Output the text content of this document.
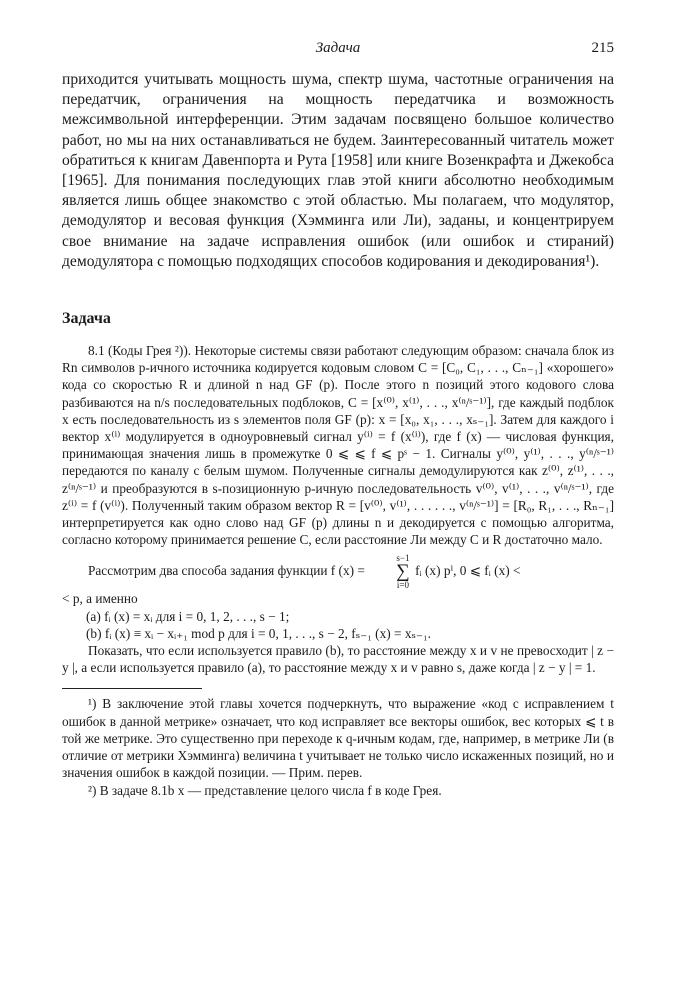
Задача	215

приходится учитывать мощность шума, спектр шума, частотные ограничения на передатчик, ограничения на мощность передатчика и возможность межсимвольной интерференции. Этим задачам посвящено большое количество работ, но мы на них останавливаться не будем. Заинтересованный читатель может обратиться к книгам Давенпорта и Рута [1958] или книге Возенкрафта и Джекобса [1965]. Для понимания последующих глав этой книги абсолютно необходимым является лишь общее знакомство с этой областью. Мы полагаем, что модулятор, демодулятор и весовая функция (Хэмминга или Ли), заданы, и концентрируем свое внимание на задаче исправления ошибок (или ошибок и стираний) демодулятора с помощью подходящих способов кодирования и декодирования¹).

Задача

8.1 (Коды Грея ²)). Некоторые системы связи работают следующим образом: сначала блок из Rn символов p-ичного источника кодируется кодовым словом C = [C₀, C₁, . . ., Cₙ₋₁] «хорошего» кода со скоростью R и длиной n над GF (p). После этого n позиций этого кодового слова разбиваются на n/s последовательных подблоков, C = [x⁽⁰⁾, x⁽¹⁾, . . ., x⁽ⁿ/ˢ⁻¹⁾], где каждый подблок x есть последовательность из s элементов поля GF (p): x = [x₀, x₁, . . ., xₛ₋₁]. Затем для каждого i вектор x⁽ⁱ⁾ модулируется в одноуровневый сигнал y⁽ⁱ⁾ = f (x⁽ⁱ⁾), где f (x) — числовая функция, принимающая значения лишь в промежутке 0 ⩽ ⩽ f ⩽ pˢ − 1. Сигналы y⁽⁰⁾, y⁽¹⁾, . . ., y⁽ⁿ/ˢ⁻¹⁾ передаются по каналу с белым шумом. Полученные сигналы демодулируются как z⁽⁰⁾, z⁽¹⁾, . . ., z⁽ⁿ/ˢ⁻¹⁾ и преобразуются в s-позиционную p-ичную последовательность v⁽⁰⁾, v⁽¹⁾, . . ., v⁽ⁿ/ˢ⁻¹⁾, где z⁽ⁱ⁾ = f (v⁽ⁱ⁾). Полученный таким образом вектор R = [v⁽⁰⁾, v⁽¹⁾, . . . . . ., v⁽ⁿ/ˢ⁻¹⁾] = [R₀, R₁, . . ., Rₙ₋₁] интерпретируется как одно слово над GF (p) длины n и декодируется с помощью алгоритма, согласно которому принимается решение C, если расстояние Ли между C и R достаточно мало.

Рассмотрим два способа задания функции f (x) =
s−1
∑
i=0
fᵢ (x) pⁱ, 0 ⩽ fᵢ (x) <

< p, а именно

(a) fᵢ (x) = xᵢ для i = 0, 1, 2, . . ., s − 1;

(b) fᵢ (x) ≡ xᵢ − xᵢ₊₁ mod p для i = 0, 1, . . ., s − 2, fₛ₋₁ (x) = xₛ₋₁.

Показать, что если используется правило (b), то расстояние между x и v не превосходит | z − y |, а если используется правило (a), то расстояние между x и v равно s, даже когда | z − y | = 1.

¹) В заключение этой главы хочется подчеркнуть, что выражение «код с исправлением t ошибок в данной метрике» означает, что код исправляет все векторы ошибок, вес которых ⩽ t в той же метрике. Это существенно при переходе к q-ичным кодам, где, например, в метрике Ли (в отличие от метрики Хэмминга) величина t учитывает не только число искаженных позиций, но и значения ошибок в каждой позиции. — Прим. перев.

²) В задаче 8.1b x — представление целого числа f в коде Грея.
